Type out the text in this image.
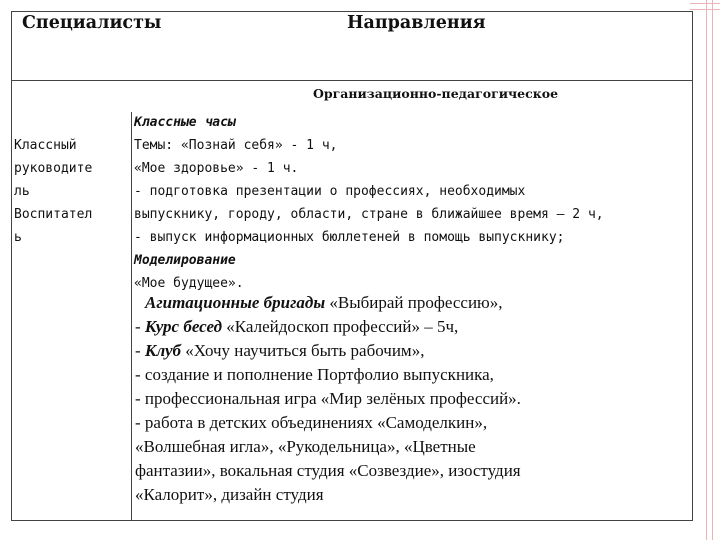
Специалисты	Направления
Организационно-педагогическое
Классный
руководите
ль
Воспитател
ь
Классные часы
Темы: «Познай себя» - 1 ч,
«Мое здоровье» - 1 ч.
- подготовка презентации о профессиях, необходимых
выпускнику, городу, области, стране в ближайшее время – 2 ч,
- выпуск информационных бюллетеней в помощь выпускнику;
Моделирование
«Мое будущее».
Агитационные бригады «Выбирай профессию»,
- Курс бесед «Калейдоскоп профессий» – 5ч,
- Клуб «Хочу научиться быть рабочим»,
- создание и пополнение Портфолио выпускника,
- профессиональная игра «Мир зелёных профессий».
- работа в детских объединениях «Самоделкин»,
«Волшебная игла», «Рукодельница», «Цветные
фантазии», вокальная студия «Созвездие», изостудия
«Калорит», дизайн студия
